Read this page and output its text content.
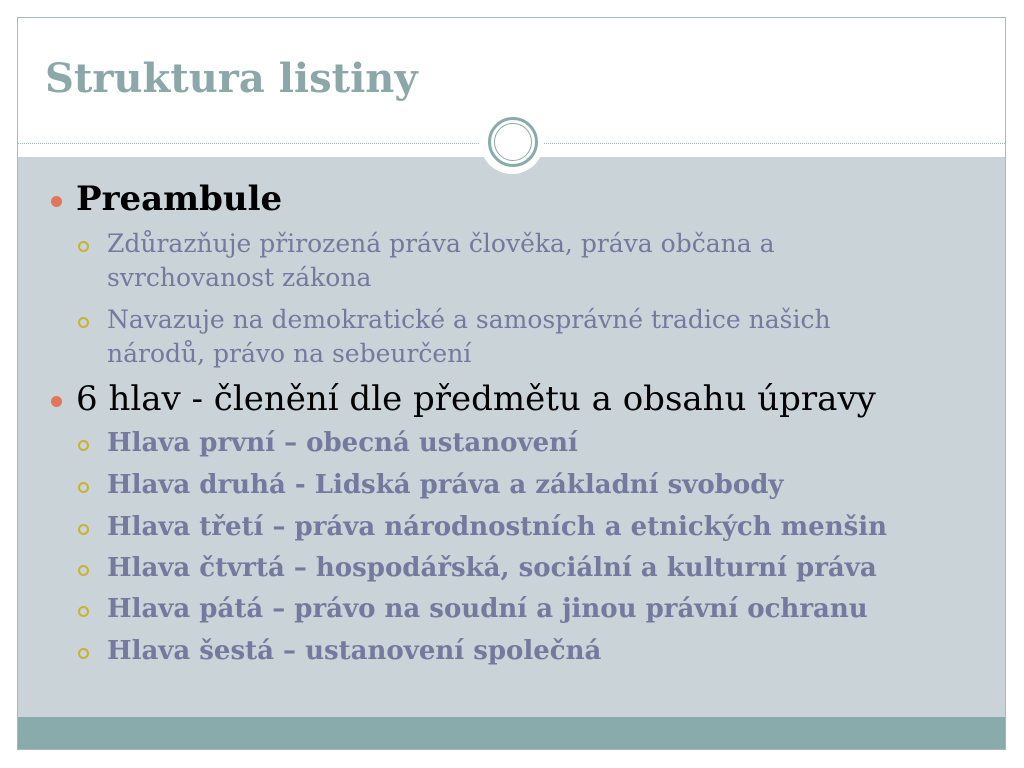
Struktura listiny
Preambule
Zdůrazňuje přirozená práva člověka, práva občana a
svrchovanost zákona
Navazuje na demokratické a samosprávné tradice našich
národů, právo na sebeurčení
6 hlav - členění dle předmětu a obsahu úpravy
Hlava první – obecná ustanovení
Hlava druhá - Lidská práva a základní svobody
Hlava třetí – práva národnostních a etnických menšin
Hlava čtvrtá – hospodářská, sociální a kulturní práva
Hlava pátá – právo na soudní a jinou právní ochranu
Hlava šestá – ustanovení společná
